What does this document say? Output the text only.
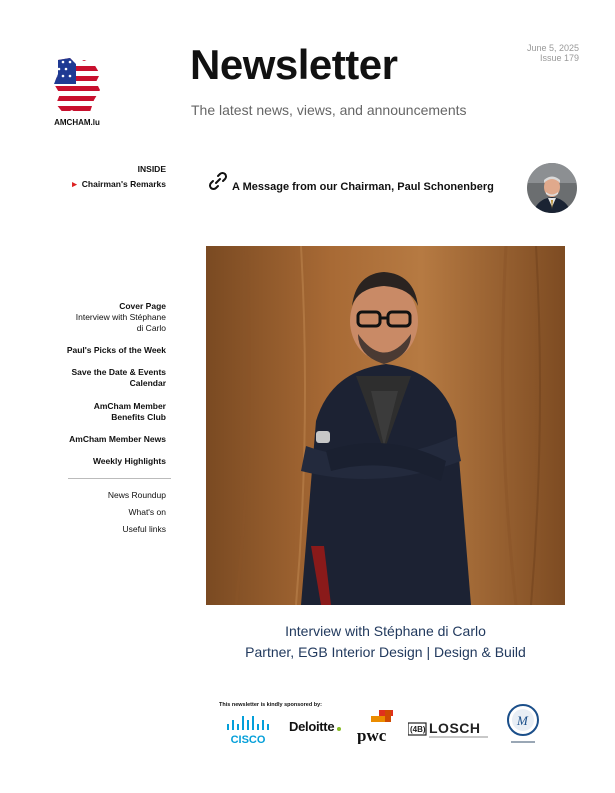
AMCHAM.lu
Newsletter
The latest news, views, and announcements
June 5, 2025
Issue 179
INSIDE
► Chairman's Remarks
Cover Page
Interview with Stéphane
di Carlo
Paul's Picks of the Week
Save the Date & Events
Calendar
AmCham Member
Benefits Club
AmCham Member News
Weekly Highlights
News Roundup
What's on
Useful links
A Message from our Chairman, Paul Schonenberg
Interview with Stéphane di Carlo
Partner, EGB Interior Design | Design & Build
This newsletter is kindly sponsored by:
CISCO
Deloitte pwc	(4B) LOSCH	M
